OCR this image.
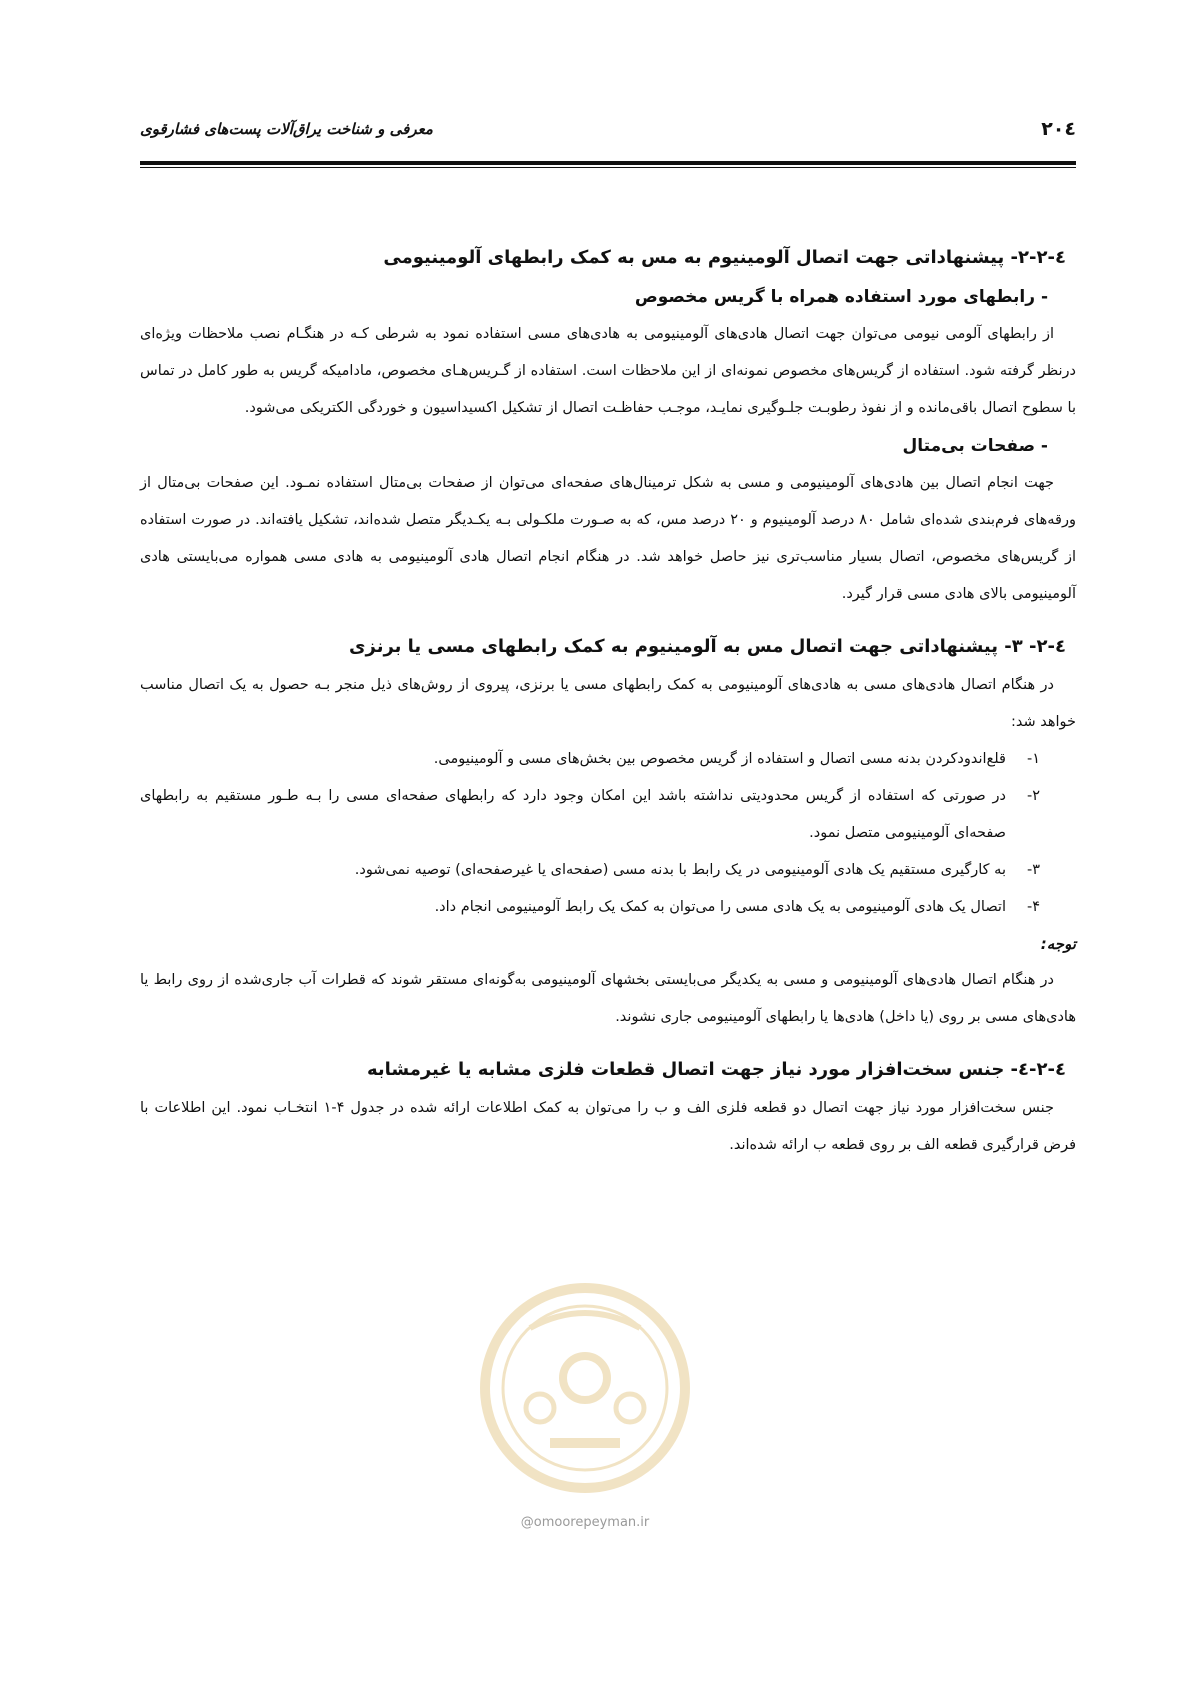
۲۰٤
معرفی و شناخت یراق‌آلات پست‌های فشارقوی
٤-٢-٢- پیشنهاداتی جهت اتصال آلومینیوم به مس به کمک رابطهای آلومینیومی
- رابطهای مورد استفاده همراه با گریس مخصوص

از رابطهای آلومی نیومی می‌توان جهت اتصال هادی‌های آلومینیومی به هادی‌های مسی استفاده نمود به شرطی کـه در هنگـام نصب ملاحظات ویژه‌ای درنظر گرفته شود. استفاده از گریس‌های مخصوص نمونه‌ای از این ملاحظات است. استفاده از گـریس‌هـای مخصوص، مادامیکه گریس به طور کامل در تماس با سطوح اتصال باقی‌مانده و از نفوذ رطوبـت جلـوگیری نمایـد، موجـب حفاظـت اتصال از تشکیل اکسیداسیون و خوردگی الکتریکی می‌شود.

- صفحات بی‌متال

جهت انجام اتصال بین هادی‌های آلومینیومی و مسی به شکل ترمینال‌های صفحه‌ای می‌توان از صفحات بی‌متال استفاده نمـود. این صفحات بی‌متال از ورقه‌های فرم‌بندی شده‌ای شامل ۸۰ درصد آلومینیوم و ۲۰ درصد مس، که به صـورت ملکـولی بـه یکـدیگر متصل شده‌اند، تشکیل یافته‌اند. در صورت استفاده از گریس‌های مخصوص، اتصال بسیار مناسب‌تری نیز حاصل خواهد شد. در هنگام انجام اتصال هادی آلومینیومی به هادی مسی همواره می‌بایستی هادی آلومینیومی بالای هادی مسی قرار گیرد.

٤-٢- ٣- پیشنهاداتی جهت اتصال مس به آلومینیوم به کمک رابطهای مسی یا برنزی

در هنگام اتصال هادی‌های مسی به هادی‌های آلومینیومی به کمک رابطهای مسی یا برنزی، پیروی از روش‌های ذیل منجر بـه حصول به یک اتصال مناسب خواهد شد:

۱-
قلع‌اندودکردن بدنه مسی اتصال و استفاده از گریس مخصوص بین بخش‌های مسی و آلومینیومی.
۲-
در صورتی که استفاده از گریس محدودیتی نداشته باشد این امکان وجود دارد که رابطهای صفحه‌ای مسی را بـه طـور مستقیم به رابطهای صفحه‌ای آلومینیومی متصل نمود.
۳-
به کارگیری مستقیم یک هادی آلومینیومی در یک رابط با بدنه مسی (صفحه‌ای یا غیرصفحه‌ای) توصیه نمی‌شود.
۴-
اتصال یک هادی آلومینیومی به یک هادی مسی را می‌توان به کمک یک رابط آلومینیومی انجام داد.
توجه:

در هنگام اتصال هادی‌های آلومینیومی و مسی به یکدیگر می‌بایستی بخشهای آلومینیومی به‌گونه‌ای مستقر شوند که قطرات آب جاری‌شده از روی رابط یا هادی‌های مسی بر روی (یا داخل) هادی‌ها یا رابطهای آلومینیومی جاری نشوند.

٤-٢-٤- جنس سخت‌افزار مورد نیاز جهت اتصال قطعات فلزی مشابه یا غیرمشابه

جنس سخت‌افزار مورد نیاز جهت اتصال دو قطعه فلزی الف و ب را می‌توان به کمک اطلاعات ارائه شده در جدول ۴-۱ انتخـاب نمود. این اطلاعات با فرض قرارگیری قطعه الف بر روی قطعه ب ارائه شده‌اند.

@omoorepeyman.ir
